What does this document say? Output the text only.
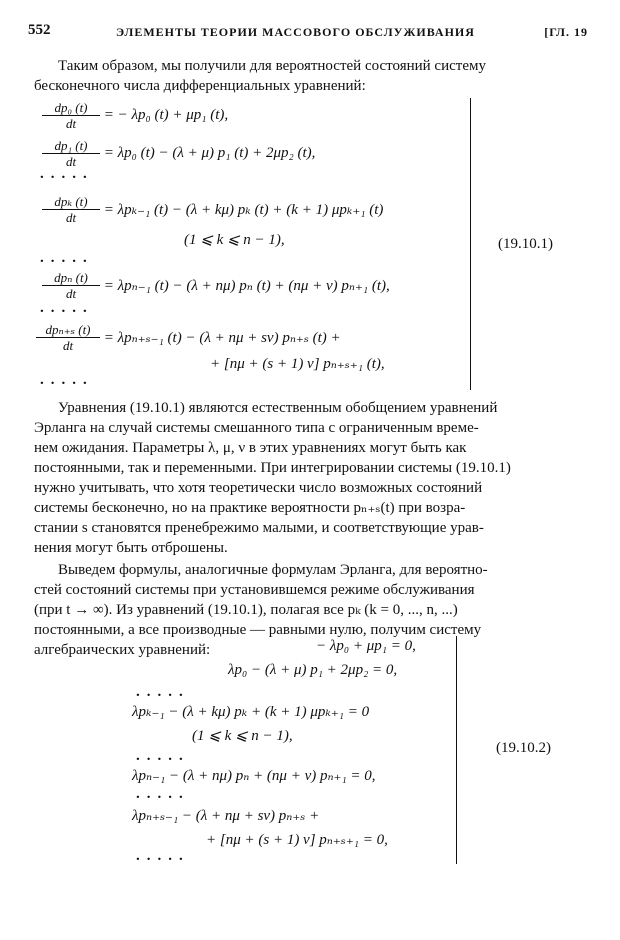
552	ЭЛЕМЕНТЫ ТЕОРИИ МАССОВОГО ОБСЛУЖИВАНИЯ	[ГЛ. 19
Таким образом, мы получили для вероятностей состояний систему
бесконечного числа дифференциальных уравнений:
$\frac{\text{dp₀ (t)}}{dt}$ = − λp₀ (t) + μp₁ (t),
$\frac{\text{dp₁ (t)}}{dt} = \lambda p_0$ (t) − (λ + μ) p₁ (t) + 2μp₂ (t),
.....
$\frac{\text{dpₖ (t)}}{dt} = \lambda p_{k-1}$ (t) − (λ + kμ) pₖ (t) + (k + 1) μpₖ₊₁ (t)
(1 ⩽ k ⩽ n − 1),
.....
$\frac{\text{dpₙ (t)}}{dt} = \lambda p_{n-1}$ (t) − (λ + nμ) pₙ (t) + (nμ + ν) pₙ₊₁ (t),
.....
$\frac{\text{dpₙ₊ₛ (t)}}{dt} = \lambda p_{n+s-1}$ (t) − (λ + nμ + sν) pₙ₊ₛ (t) +
+ [nμ + (s + 1) ν] pₙ₊ₛ₊₁ (t),
.....
(19.10.1)
Уравнения (19.10.1) являются естественным обобщением уравнений
Эрланга на случай системы смешанного типа с ограниченным време-
нем ожидания. Параметры λ, μ, ν в этих уравнениях могут быть как
постоянными, так и переменными. При интегрировании системы (19.10.1)
нужно учитывать, что хотя теоретически число возможных состояний
системы бесконечно, но на практике вероятности pₙ₊ₛ(t) при возра-
стании s становятся пренебрежимо малыми, и соответствующие урав-
нения могут быть отброшены.
Выведем формулы, аналогичные формулам Эрланга, для вероятно-
стей состояний системы при установившемся режиме обслуживания
(при t → ∞). Из уравнений (19.10.1), полагая все pₖ (k = 0, ..., n, ...)
постоянными, а все производные — равными нулю, получим систему
алгебраических уравнений:	− λp₀ + μp₁ = 0,
λp₀ − (λ + μ) p₁ + 2μp₂ = 0,
.....
λpₖ₋₁ − (λ + kμ) pₖ + (k + 1) μpₖ₊₁ = 0
(1 ⩽ k ⩽ n − 1),
.....
λpₙ₋₁ − (λ + nμ) pₙ + (nμ + ν) pₙ₊₁ = 0,
.....
λpₙ₊ₛ₋₁ − (λ + nμ + sν) pₙ₊ₛ +
+ [nμ + (s + 1) ν] pₙ₊ₛ₊₁ = 0,
.....
(19.10.2)
